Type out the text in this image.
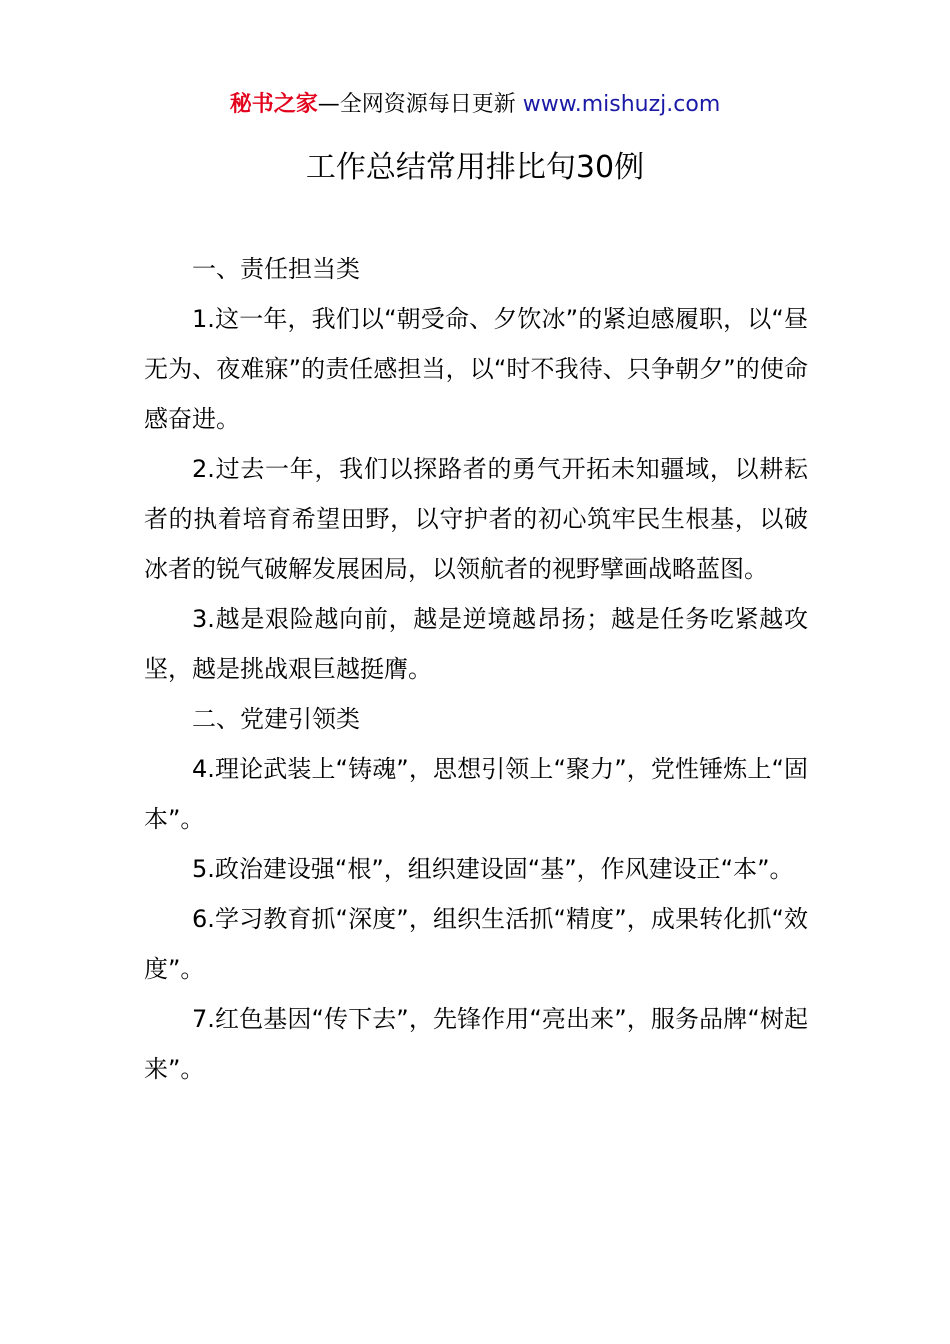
秘书之家—全网资源每日更新 www.mishuzj.com
工作总结常用排比句30例

一、责任担当类

1.这一年，我们以“朝受命、夕饮冰”的紧迫感履职，以“昼无为、夜难寐”的责任感担当，以“时不我待、只争朝夕”的使命感奋进。

2.过去一年，我们以探路者的勇气开拓未知疆域，以耕耘者的执着培育希望田野，以守护者的初心筑牢民生根基，以破冰者的锐气破解发展困局，以领航者的视野擘画战略蓝图。

3.越是艰险越向前，越是逆境越昂扬；越是任务吃紧越攻坚，越是挑战艰巨越挺膺。

二、党建引领类

4.理论武装上“铸魂”，思想引领上“聚力”，党性锤炼上“固本”。

5.政治建设强“根”，组织建设固“基”，作风建设正“本”。

6.学习教育抓“深度”，组织生活抓“精度”，成果转化抓“效度”。

7.红色基因“传下去”，先锋作用“亮出来”，服务品牌“树起来”。
